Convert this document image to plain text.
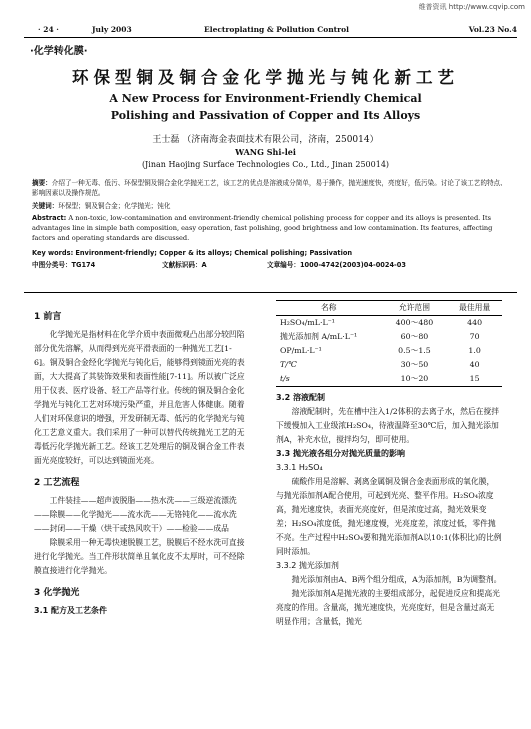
维普资讯 http://www.cqvip.com
· 24 ·	July 2003	Electroplating & Pollution Control	Vol.23 No.4
·化学转化膜·
环保型铜及铜合金化学抛光与钝化新工艺
A New Process for Environment-Friendly Chemical
Polishing and Passivation of Copper and Its Alloys
王士磊 （济南海金表面技术有限公司，济南，250014）
WANG Shi-lei
(Jinan Haojing Surface Technologies Co., Ltd., Jinan 250014)
摘要：介绍了一种无毒、低污、环保型铜及铜合金化学抛光工艺，该工艺的优点是溶液成分简单，易于操作，抛光速度快，亮度好，低污染。讨论了该工艺的特点、影响因素以及操作规范。
关键词：环保型；铜及铜合金；化学抛光；钝化
Abstract: A non-toxic, low-contamination and environment-friendly chemical polishing process for copper and its alloys is presented. Its advantages line in simple bath composition, easy operation, fast polishing, good brightness and low contamination. Its features, affecting factors and operating standards are discussed.
Key words: Environment-friendly; Copper & its alloys; Chemical polishing; Passivation
中图分类号：TG174	文献标识码：A	文章编号：1000-4742(2003)04-0024-03
1 前言
化学抛光是指材料在化学介质中表面微观凸出部分较凹陷部分优先溶解，从而得到光亮平滑表面的一种抛光工艺[1-6]。铜及铜合金经化学抛光与钝化后，能够得到镜面光亮的表面，大大提高了其装饰效果和表面性能[7-11]。所以被广泛应用于仪表、医疗设备、轻工产品等行业。传统的铜及铜合金化学抛光与钝化工艺对环境污染严重，并且危害人体健康。随着人们对环保意识的增强，开发研制无毒、低污的化学抛光与钝化工艺意义重大。我们采用了一种可以替代传统抛光工艺的无毒低污化学抛光新工艺。经该工艺处理后的铜及铜合金工件表面光亮度较好，可以达到镜面光亮。
2 工艺流程
工件装挂——超声波脱脂——热水洗——三级逆流漂洗——除膜——化学抛光——流水洗——无铬钝化——流水洗——封闭——干燥（烘干或热风吹干）——检验——成品
除膜采用一种无毒快速脱膜工艺，脱膜后不经水洗可直接进行化学抛光。当工件形状简单且氧化皮不太厚时，可不经除膜直接进行化学抛光。
3 化学抛光
3.1 配方及工艺条件
名称	允许范围	最佳用量
H₂SO₄/mL·L⁻¹	400～480	440
抛光添加剂 A/mL·L⁻¹	60～80	70
OP/mL·L⁻¹	0.5～1.5	1.0
T/℃	30～50	40
t/s	10～20	15
3.2 溶液配制
溶液配制时，先在槽中注入1/2体积的去离子水，然后在搅拌下缓慢加入工业级浓H₂SO₄，待液温降至30℃后，加入抛光添加剂A，补充水位，搅拌均匀，即可使用。
3.3 抛光液各组分对抛光质量的影响
3.3.1 H₂SO₄
硫酸作用是溶解、剥离金属铜及铜合金表面形成的氧化膜，与抛光添加剂A配合使用，可起到光亮、整平作用。H₂SO₄浓度高，抛光速度快，表面光亮度好，但是浓度过高，抛光效果变差；H₂SO₄浓度低，抛光速度慢，光亮度差，浓度过低，零件抛不亮。生产过程中H₂SO₄要和抛光添加剂A以10:1(体积比)的比例同时添加。
3.3.2 抛光添加剂
抛光添加剂由A、B两个组分组成，A为添加剂，B为调整剂。
抛光添加剂A是抛光液的主要组成部分，起促进反应和提高光亮度的作用。含量高，抛光速度快，光亮度好，但是含量过高无明显作用；含量低，抛光
